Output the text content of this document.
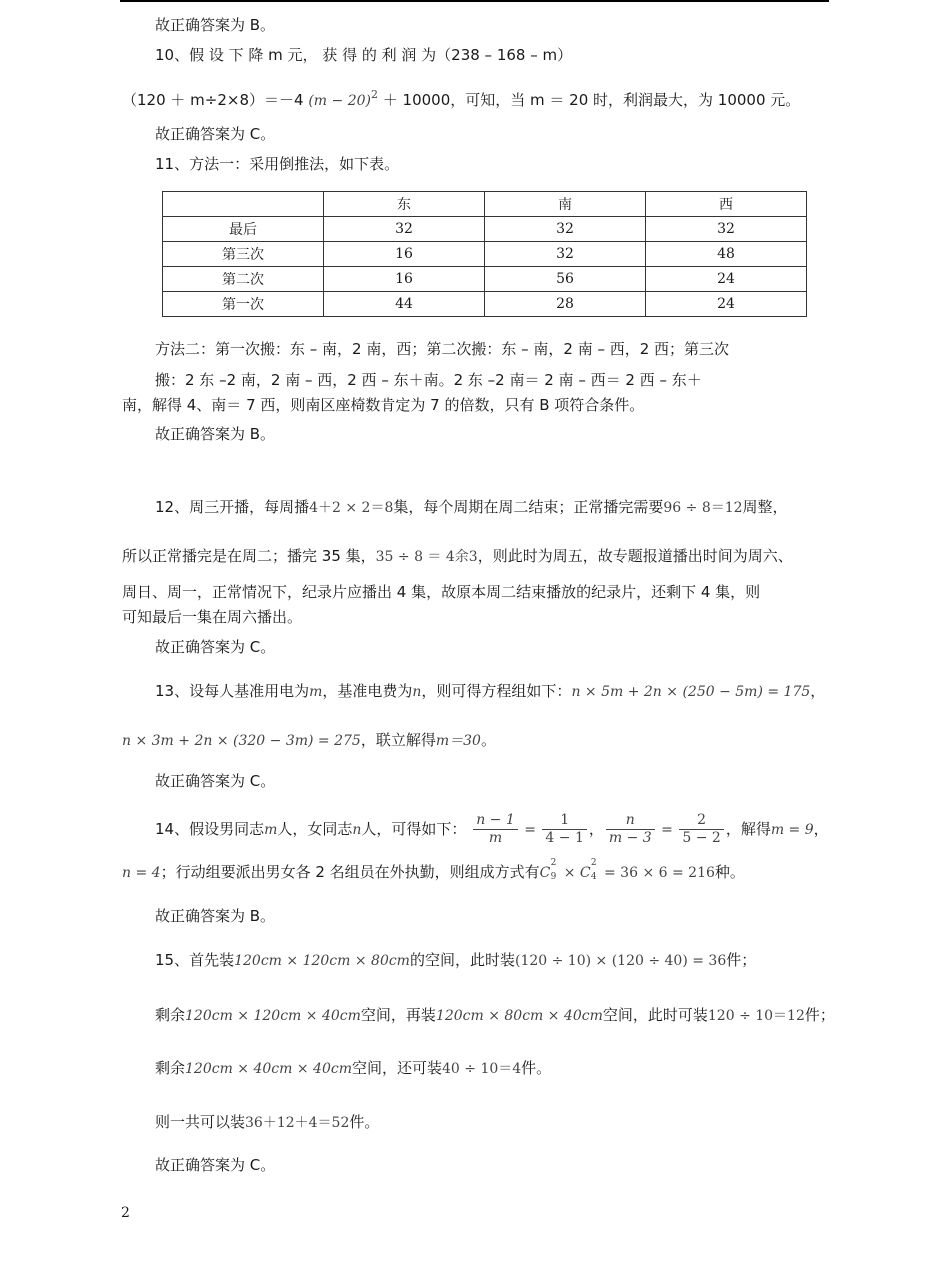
故正确答案为 B。
10、假 设 下 降 m 元， 获 得 的 利 润 为（238 – 168 – m）
（120 ＋ m÷2×8）＝－4 $(m - 20)^2 + 10000$，可知，当 m ＝ 20 时，利润最大，为 10000 元。
故正确答案为 C。
11、方法一：采用倒推法，如下表。
	东	南	西
最后	32	32	32
第三次	16	32	48
第二次	16	56	24
第一次	44	28	24
方法二：第一次搬：东 – 南，2 南，西；第二次搬：东 – 南，2 南 – 西，2 西；第三次
搬：2 东 –2 南，2 南 – 西，2 西 – 东＋南。2 东 –2 南＝ 2 南 – 西＝ 2 西 – 东＋
南，解得 4、南＝ 7 西，则南区座椅数肯定为 7 的倍数，只有 B 项符合条件。
故正确答案为 B。
12、周三开播，每周播4＋2 × 2＝8集，每个周期在周二结束；正常播完需要96 ÷ 8＝12周整，
所以正常播完是在周二；播完 35 集，35 ÷ 8 ＝ 4余3，则此时为周五，故专题报道播出时间为周六、
周日、周一，正常情况下，纪录片应播出 4 集，故原本周二结束播放的纪录片，还剩下 4 集，则
可知最后一集在周六播出。
故正确答案为 C。
13、设每人基准用电为m，基准电费为n，则可得方程组如下：n × 5m + 2n × (250 − 5m) = 175，
n × 3m + 2n × (320 − 3m) = 275，联立解得m＝30。
故正确答案为 C。
14、假设男同志m人，女同志n人，可得如下： $\frac{n - 1}{m} = \frac{1}{4 - 1}$ ， $\frac{n}{m - 3} = \frac{2}{5 - 2}$ ，解得m = 9，
n = 4；行动组要派出男女各 2 名组员在外执勤，则组成方式有C
2
9 × C
2
4 = 36 × 6 = 216种。
故正确答案为 B。
15、首先装120cm × 120cm × 80cm的空间，此时装(120 ÷ 10) × (120 ÷ 40) = 36件；
剩余120cm × 120cm × 40cm空间，再装120cm × 80cm × 40cm空间，此时可装120 ÷ 10＝12件；
剩余120cm × 40cm × 40cm空间，还可装40 ÷ 10＝4件。
则一共可以装36＋12＋4＝52件。
故正确答案为 C。
2
